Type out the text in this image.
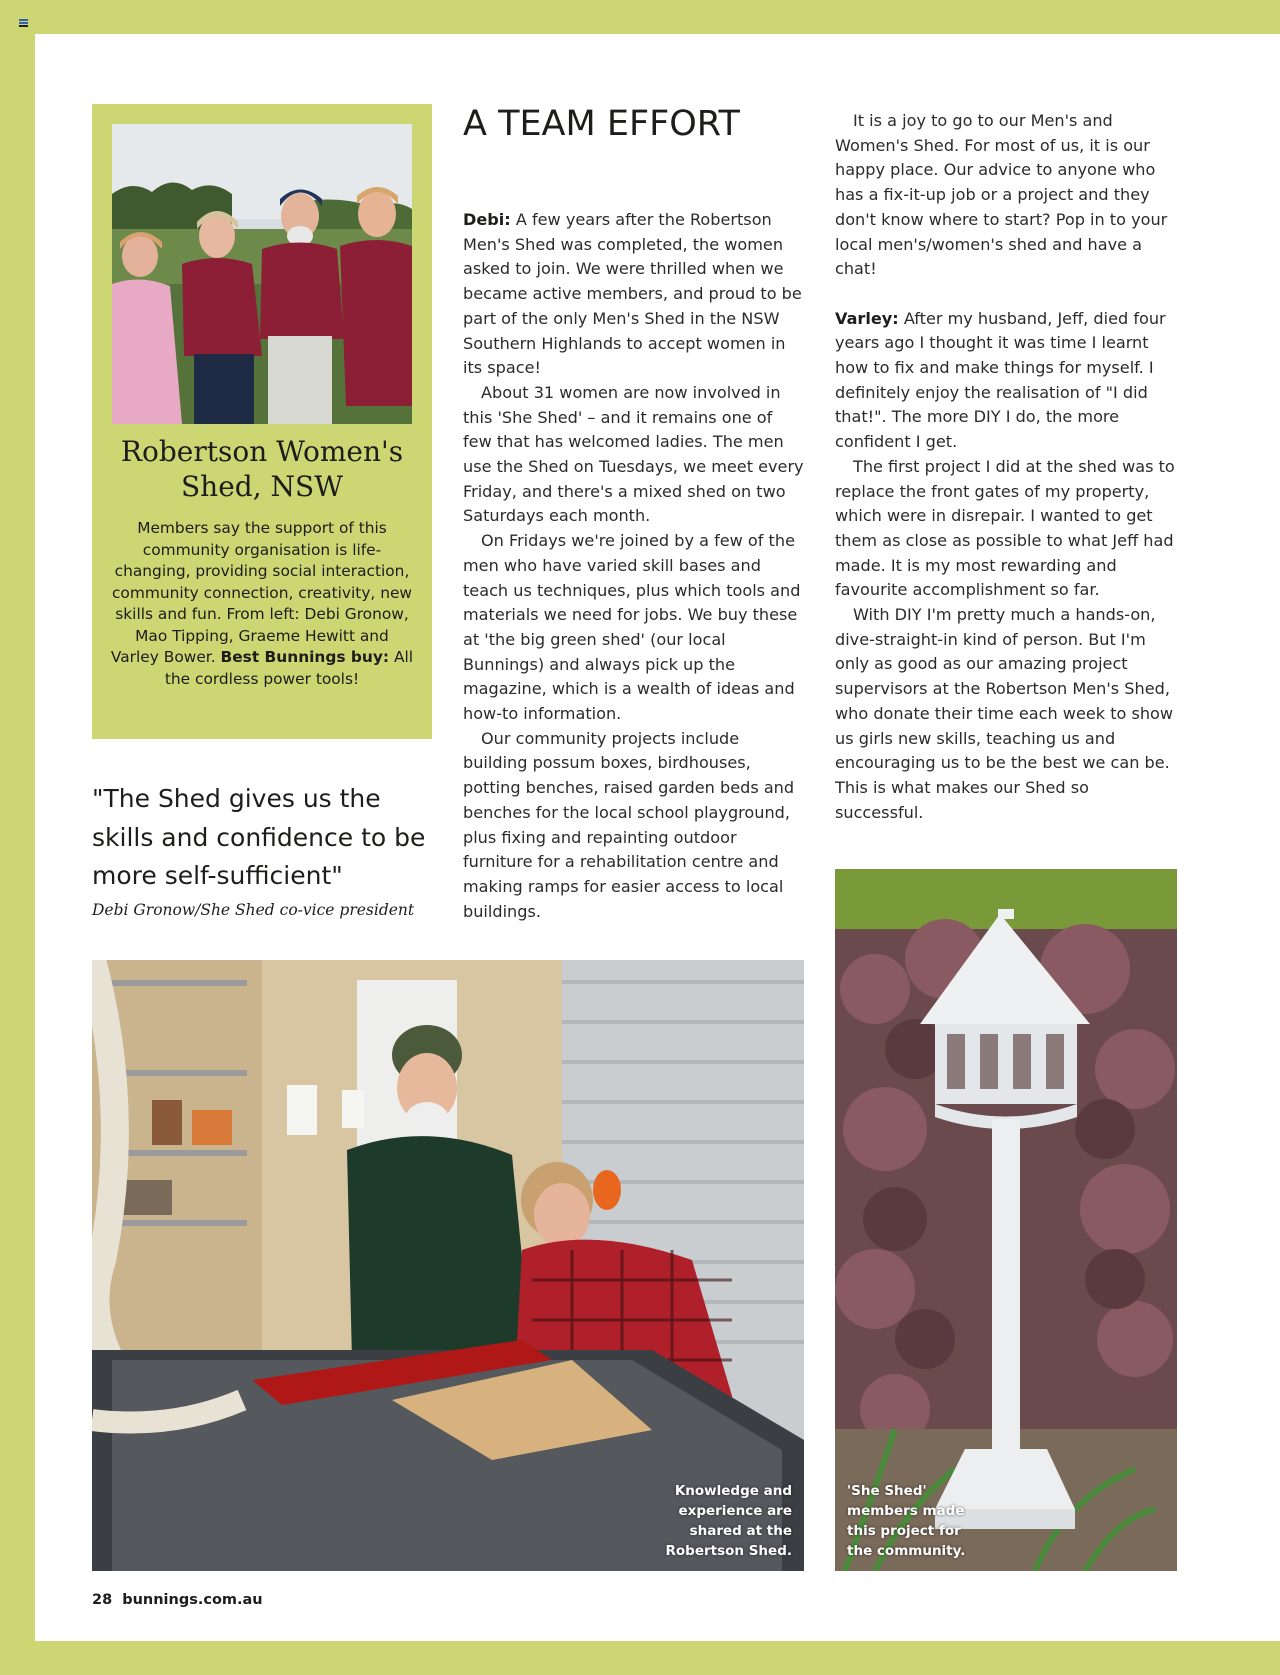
Robertson Women's Shed, NSW
Members say the support of this community organisation is life-changing, providing social interaction, community connection, creativity, new skills and fun. From left: Debi Gronow, Mao Tipping, Graeme Hewitt and Varley Bower. Best Bunnings buy: All the cordless power tools!
"The Shed gives us the skills and confidence to be more self-sufficient"
Debi Gronow/She Shed co-vice president
A TEAM EFFORT

Debi: A few years after the Robertson Men's Shed was completed, the women asked to join. We were thrilled when we became active members, and proud to be part of the only Men's Shed in the NSW Southern Highlands to accept women in its space!

About 31 women are now involved in this 'She Shed' – and it remains one of few that has welcomed ladies. The men use the Shed on Tuesdays, we meet every Friday, and there's a mixed shed on two Saturdays each month.

On Fridays we're joined by a few of the men who have varied skill bases and teach us techniques, plus which tools and materials we need for jobs. We buy these at 'the big green shed' (our local Bunnings) and always pick up the magazine, which is a wealth of ideas and how-to information.

Our community projects include building possum boxes, birdhouses, potting benches, raised garden beds and benches for the local school playground, plus fixing and repainting outdoor furniture for a rehabilitation centre and making ramps for easier access to local buildings.

It is a joy to go to our Men's and Women's Shed. For most of us, it is our happy place. Our advice to anyone who has a fix-it-up job or a project and they don't know where to start? Pop in to your local men's/women's shed and have a chat!

Varley: After my husband, Jeff, died four years ago I thought it was time I learnt how to fix and make things for myself. I definitely enjoy the realisation of "I did that!". The more DIY I do, the more confident I get.

The first project I did at the shed was to replace the front gates of my property, which were in disrepair. I wanted to get them as close as possible to what Jeff had made. It is my most rewarding and favourite accomplishment so far.

With DIY I'm pretty much a hands-on, dive-straight-in kind of person. But I'm only as good as our amazing project supervisors at the Robertson Men's Shed, who donate their time each week to show us girls new skills, teaching us and encouraging us to be the best we can be. This is what makes our Shed so successful.

Knowledge and experience are shared at the Robertson Shed.
'She Shed' members made this project for the community.
28 bunnings.com.au
